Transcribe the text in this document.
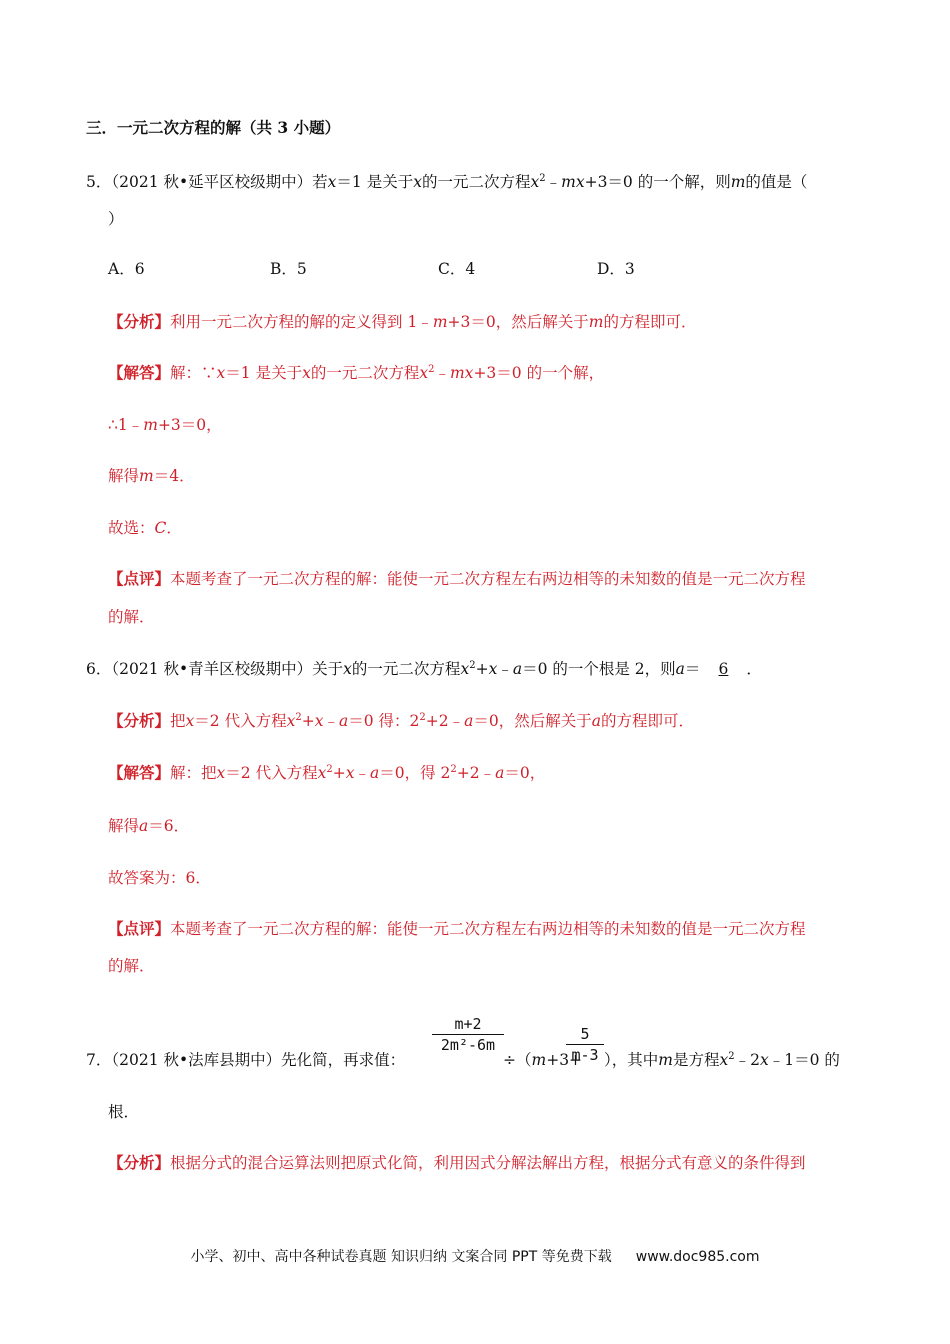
三．一元二次方程的解（共 3 小题）
5．（2021 秋•延平区校级期中）若x＝1 是关于x的一元二次方程$x^2﹣mx+3=0$ 的一个解，则m的值是（
）
A．6	B．5	C．4	D．3
【分析】利用一元二次方程的解的定义得到 1﹣m+3＝0，然后解关于m的方程即可．
【解答】解：∵x＝1 是关于x的一元二次方程$x^2﹣mx+3=0$ 的一个解，
∴1﹣m+3＝0，
解得m＝4．
故选：C．
【点评】本题考查了一元二次方程的解：能使一元二次方程左右两边相等的未知数的值是一元二次方程
的解．
6．（2021 秋•青羊区校级期中）关于x的一元二次方程$x^2+x﹣a=0$ 的一个根是 2，则a＝ 6 ．
【分析】把x＝2 代入方程$x^2+x﹣a=0$ 得：$2^2+2﹣a=0$，然后解关于a的方程即可．
【解答】解：把x＝2 代入方程$x^2+x﹣a=0$，得 $2^2+2﹣a=0$，
解得a＝6．
故答案为：6．
【点评】本题考查了一元二次方程的解：能使一元二次方程左右两边相等的未知数的值是一元二次方程
的解．
7．（2021 秋•法库县期中）先化简，再求值：
$\frac{m+2}{\text{2m²-6m}}$
÷（m+3+
$\frac{5}{m-3}$ ），其中m是方程$x^2﹣2x﹣1=0$ 的
根．
【分析】根据分式的混合运算法则把原式化简，利用因式分解法解出方程，根据分式有意义的条件得到
小学、初中、高中各种试卷真题 知识归纳 文案合同 PPT 等免费下载 www.doc985.com
